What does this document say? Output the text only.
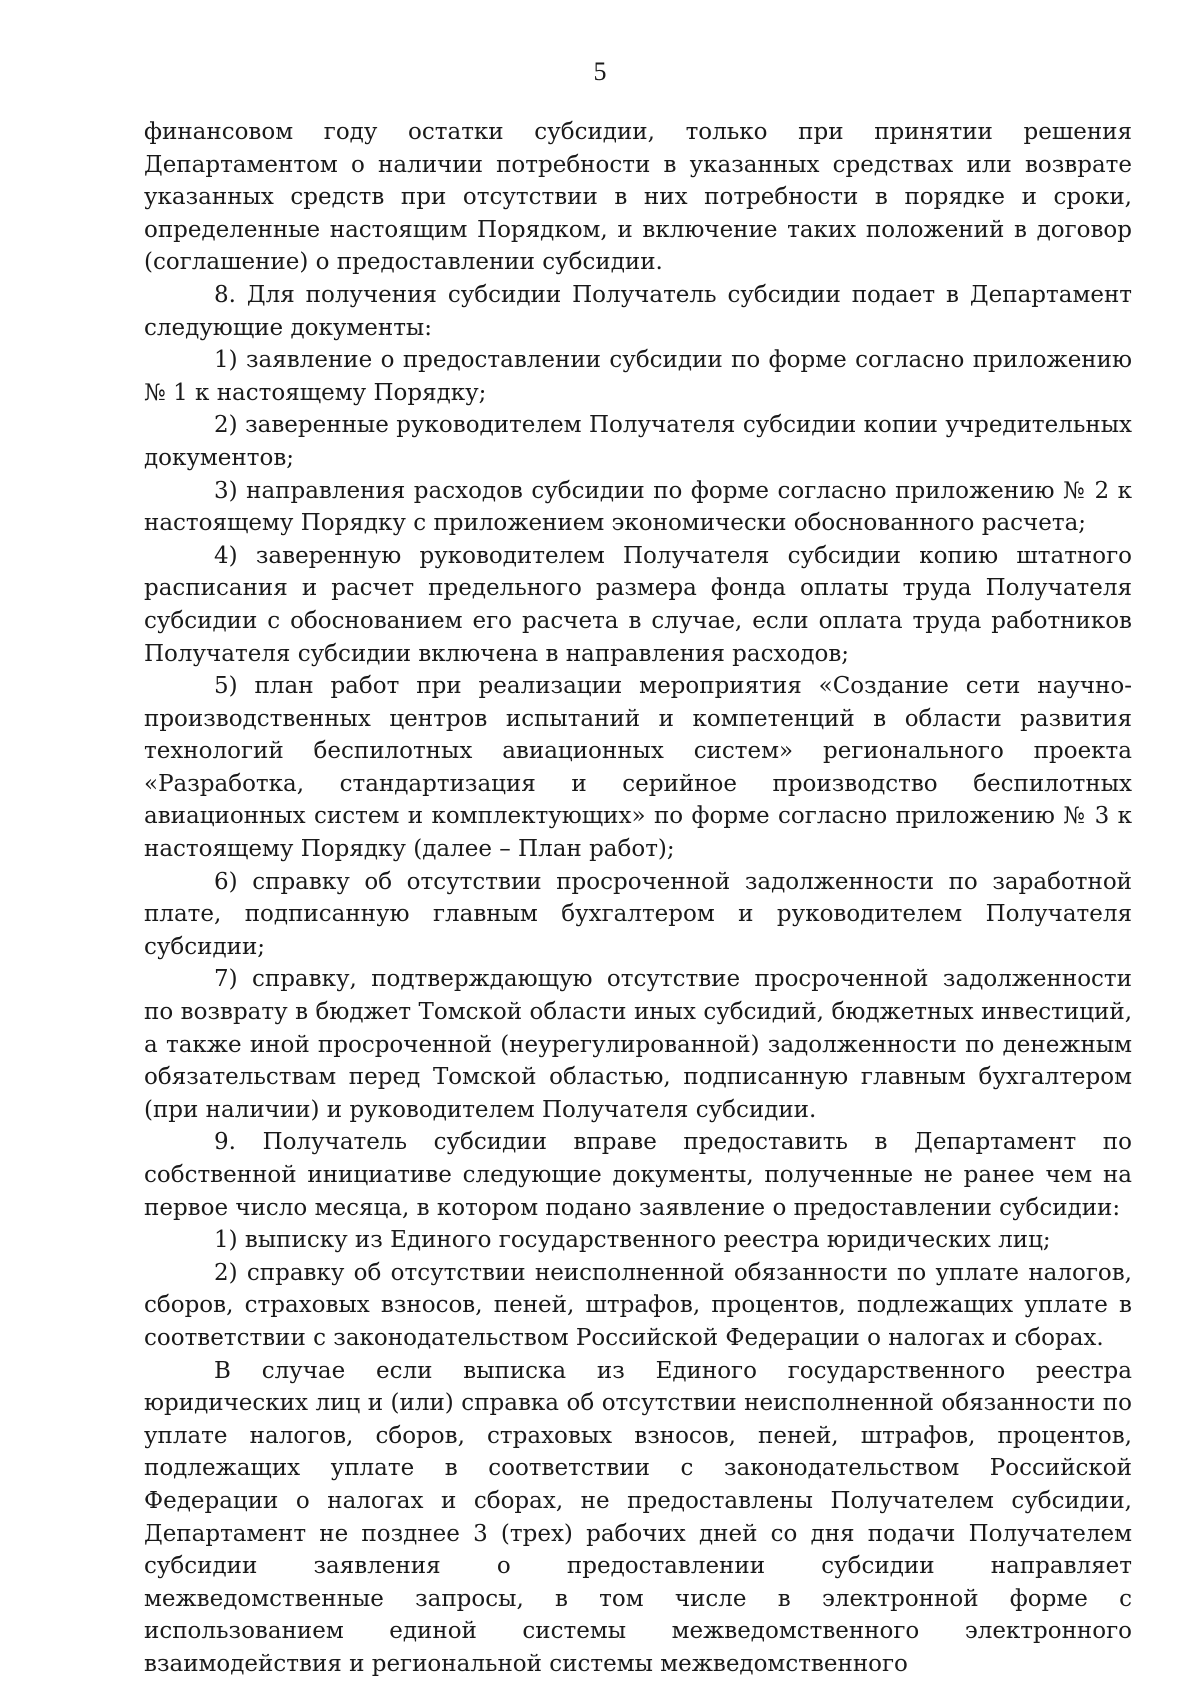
5

финансовом году остатки субсидии, только при принятии решения Департаментом о наличии потребности в указанных средствах или возврате указанных средств при отсутствии в них потребности в порядке и сроки, определенные настоящим Порядком, и включение таких положений в договор (соглашение) о предоставлении субсидии.

8. Для получения субсидии Получатель субсидии подает в Департамент следующие документы:

1) заявление о предоставлении субсидии по форме согласно приложению № 1 к настоящему Порядку;

2) заверенные руководителем Получателя субсидии копии учредительных документов;

3) направления расходов субсидии по форме согласно приложению № 2 к настоящему Порядку с приложением экономически обоснованного расчета;

4) заверенную руководителем Получателя субсидии копию штатного расписания и расчет предельного размера фонда оплаты труда Получателя субсидии с обоснованием его расчета в случае, если оплата труда работников Получателя субсидии включена в направления расходов;

5) план работ при реализации мероприятия «Создание сети научно-производственных центров испытаний и компетенций в области развития технологий беспилотных авиационных систем» регионального проекта «Разработка, стандартизация и серийное производство беспилотных авиационных систем и комплектующих» по форме согласно приложению № 3 к настоящему Порядку (далее – План работ);

6) справку об отсутствии просроченной задолженности по заработной плате, подписанную главным бухгалтером и руководителем Получателя субсидии;

7) справку, подтверждающую отсутствие просроченной задолженности по возврату в бюджет Томской области иных субсидий, бюджетных инвестиций, а также иной просроченной (неурегулированной) задолженности по денежным обязательствам перед Томской областью, подписанную главным бухгалтером (при наличии) и руководителем Получателя субсидии.

9. Получатель субсидии вправе предоставить в Департамент по собственной инициативе следующие документы, полученные не ранее чем на первое число месяца, в котором подано заявление о предоставлении субсидии:

1) выписку из Единого государственного реестра юридических лиц;

2) справку об отсутствии неисполненной обязанности по уплате налогов, сборов, страховых взносов, пеней, штрафов, процентов, подлежащих уплате в соответствии с законодательством Российской Федерации о налогах и сборах.

В случае если выписка из Единого государственного реестра юридических лиц и (или) справка об отсутствии неисполненной обязанности по уплате налогов, сборов, страховых взносов, пеней, штрафов, процентов, подлежащих уплате в соответствии с законодательством Российской Федерации о налогах и сборах, не предоставлены Получателем субсидии, Департамент не позднее 3 (трех) рабочих дней со дня подачи Получателем субсидии заявления о предоставлении субсидии направляет межведомственные запросы, в том числе в электронной форме с использованием единой системы межведомственного электронного взаимодействия и региональной системы межведомственного
